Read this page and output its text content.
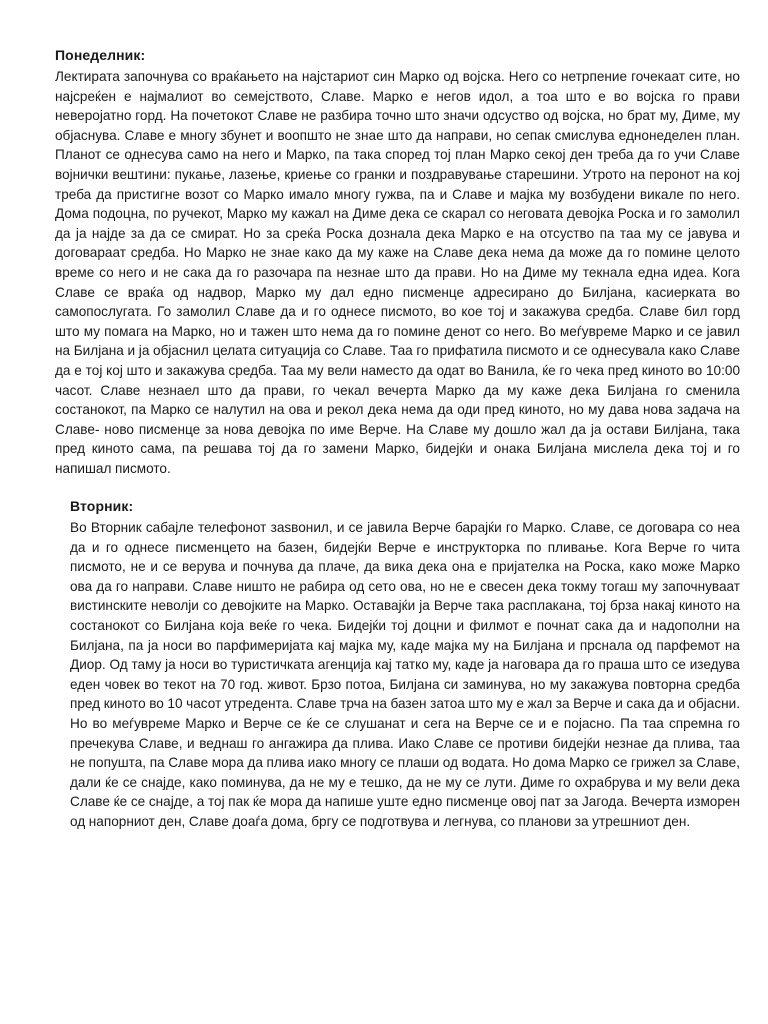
Понеделник:

Лектирата започнува со враќањето на најстариот син Марко од војска. Него со нетрпение гочекаат сите, но најсреќен е најмалиот во семејството, Славе. Марко е негов идол, а тоа што е во војска го прави неверојатно горд. На почетокот Славе не разбира точно што значи одсуство од војска, но брат му, Диме, му објаснува. Славе е многу збунет и воопшто не знае што да направи, но сепак смислува еднонеделен план. Планот се однесува само на него и Марко, па така според тој план Марко секој ден треба да го учи Славе војнички вештини: пукање, лазење, криење со гранки и поздравување старешини. Утрото на перонот на кој треба да пристигне возот со Марко имало многу гужва, па и Славе и мајка му возбудени викале по него. Дома подоцна, по ручекот, Марко му кажал на Диме дека се скарал со неговата девојка Роска и го замолил да ја најде за да се смират. Но за среќа Роска дознала дека Марко е на отсуство па таа му се јавува и договараат средба. Но Марко не знае како да му каже на Славе дека нема да може да го помине целото време со него и не сака да го разочара па незнае што да прави. Но на Диме му текнала една идеа. Кога Славе се враќа од надвор, Марко му дал едно писменце адресирано до Билјана, касиерката во самопослугата. Го замолил Славе да и го однесе писмото, во кое тој и закажува средба. Славе бил горд што му помага на Марко, но и тажен што нема да го помине денот со него. Во меѓувреме Марко и се јавил на Билјана и ја објаснил целата ситуација со Славе. Таа го прифатила писмото и се однесувала како Славе да е тој кој што и закажува средба. Таа му вели наместо да одат во Ванила, ќе го чека пред киното во 10:00 часот. Славе незнаел што да прави, го чекал вечерта Марко да му каже дека Билјана го сменила состанокот, па Марко се налутил на ова и рекол дека нема да оди пред киното, но му дава нова задача на Славе- ново писменце за нова девојка по име Верче. На Славе му дошло жал да ја остави Билјана, така пред киното сама, па решава тој да го замени Марко, бидејќи и онака Билјана мислела дека тој и го напишал писмото.

Вторник:

Во Вторник сабајле телефонот заѕвонил, и се јавила Верче барајќи го Марко. Славе, се договара со неа да и го однесе писменцето на базен, бидејќи Верче е инструкторка по пливање. Кога Верче го чита писмото, не и се верува и почнува да плаче, да вика дека она е пријателка на Роска, како може Марко ова да го направи. Славе ништо не рабира од сето ова, но не е свесен дека токму тогаш му започнуваат вистинските неволји со девојките на Марко. Оставајќи ја Верче така расплакана, тој брза накај киното на состанокот со Билјана која веќе го чека. Бидејќи тој доцни и филмот е почнат сака да и надополни на Билјана, па ја носи во парфимеријата кај мајка му, каде мајка му на Билјана и прснала од парфемот на Диор. Од таму ја носи во туристичката агенција кај татко му, каде ја наговара да го праша што се изедува еден човек во текот на 70 год. живот. Брзо потоа, Билјана си заминува, но му закажува повторна средба пред киното во 10 часот утредента. Славе трча на базен затоа што му е жал за Верче и сака да и објасни. Но во меѓувреме Марко и Верче се ќе се слушанат и сега на Верче се и е појасно. Па таа спремна го пречекува Славе, и веднаш го ангажира да плива. Иако Славе се противи бидејќи незнае да плива, таа не попушта, па Славе мора да плива иако многу се плаши од водата. Но дома Марко се грижел за Славе, дали ќе се снајде, како поминува, да не му е тешко, да не му се лути. Диме го охрабрува и му вели дека Славе ќе се снајде, а тој пак ќе мора да напише уште едно писменце овој пат за Јагода. Вечерта изморен од напорниот ден, Славе доаѓа дома, бргу се подготвува и легнува, со планови за утрешниот ден.
